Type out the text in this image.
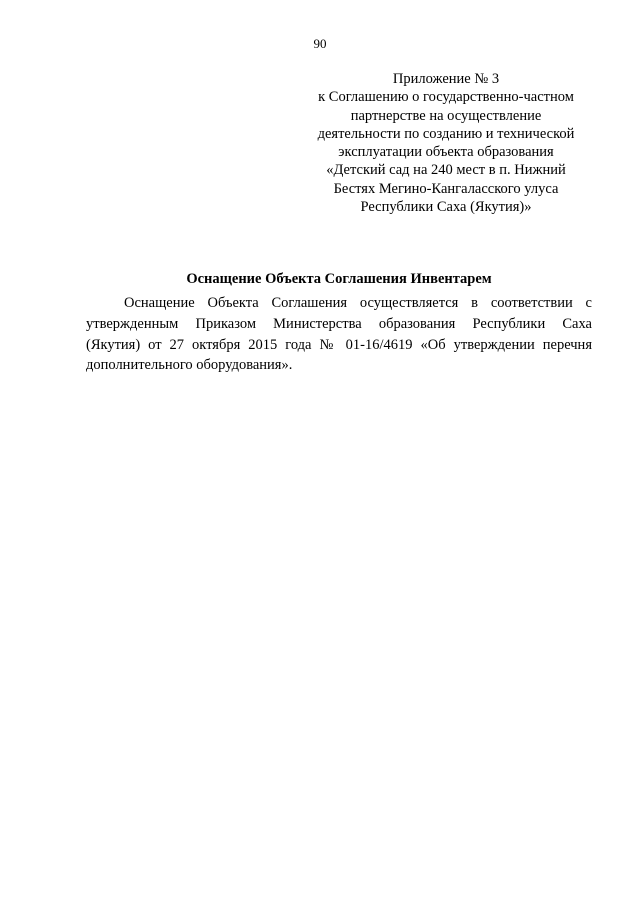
90
Приложение № 3
к Соглашению о государственно-частном
партнерстве на осуществление
деятельности по созданию и технической
эксплуатации объекта образования
«Детский сад на 240 мест в п. Нижний
Бестях Мегино-Кангаласского улуса
Республики Саха (Якутия)»
Оснащение Объекта Соглашения Инвентарем
Оснащение Объекта Соглашения осуществляется в соответствии с
утвержденным Приказом Министерства образования Республики Саха
(Якутия) от 27 октября 2015 года № 01-16/4619 «Об утверждении перечня
дополнительного оборудования».
